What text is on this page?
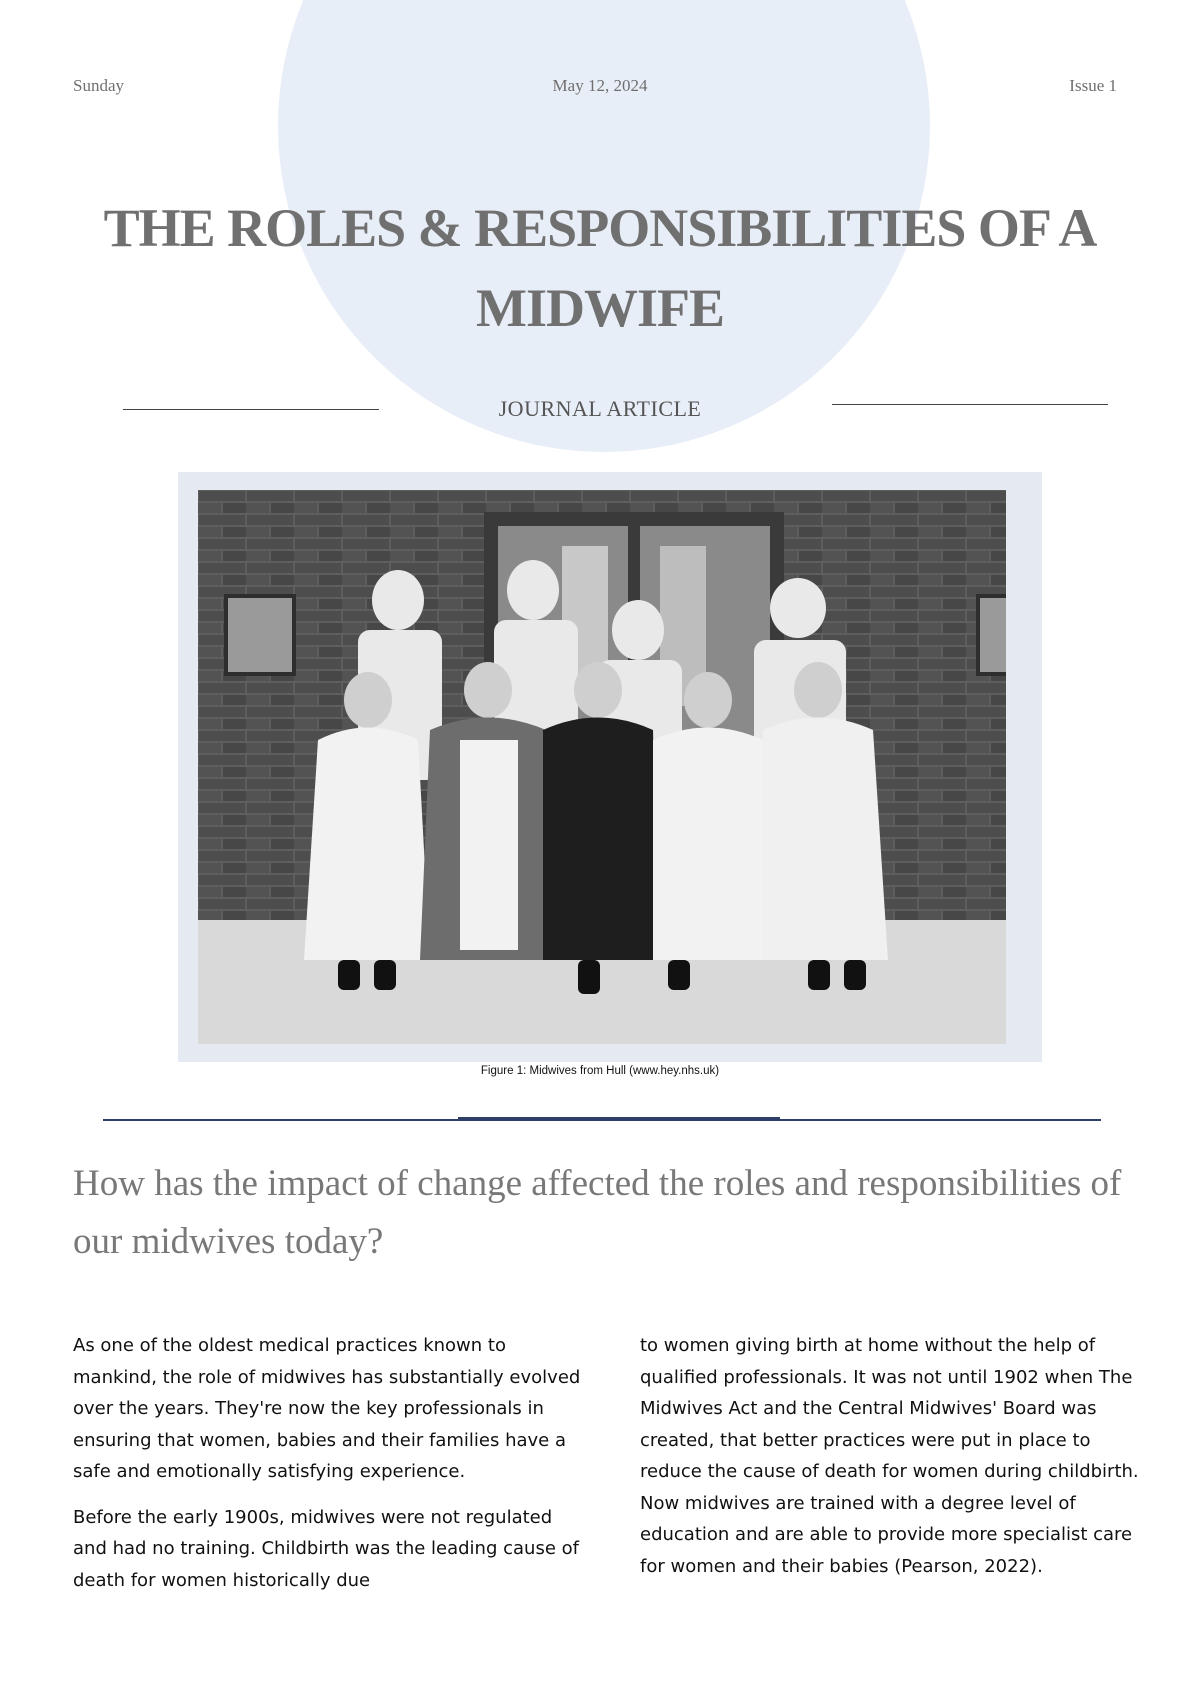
Sunday	May 12, 2024	Issue 1
THE ROLES & RESPONSIBILITIES OF A MIDWIFE
JOURNAL ARTICLE
Figure 1: Midwives from Hull (www.hey.nhs.uk)
How has the impact of change affected the roles and responsibilities of our midwives today?

As one of the oldest medical practices known to mankind, the role of midwives has substantially evolved over the years. They're now the key professionals in ensuring that women, babies and their families have a safe and emotionally satisfying experience.

Before the early 1900s, midwives were not regulated and had no training. Childbirth was the leading cause of death for women historically due

to women giving birth at home without the help of qualified professionals. It was not until 1902 when The Midwives Act and the Central Midwives' Board was created, that better practices were put in place to reduce the cause of death for women during childbirth. Now midwives are trained with a degree level of education and are able to provide more specialist care for women and their babies (Pearson, 2022).
